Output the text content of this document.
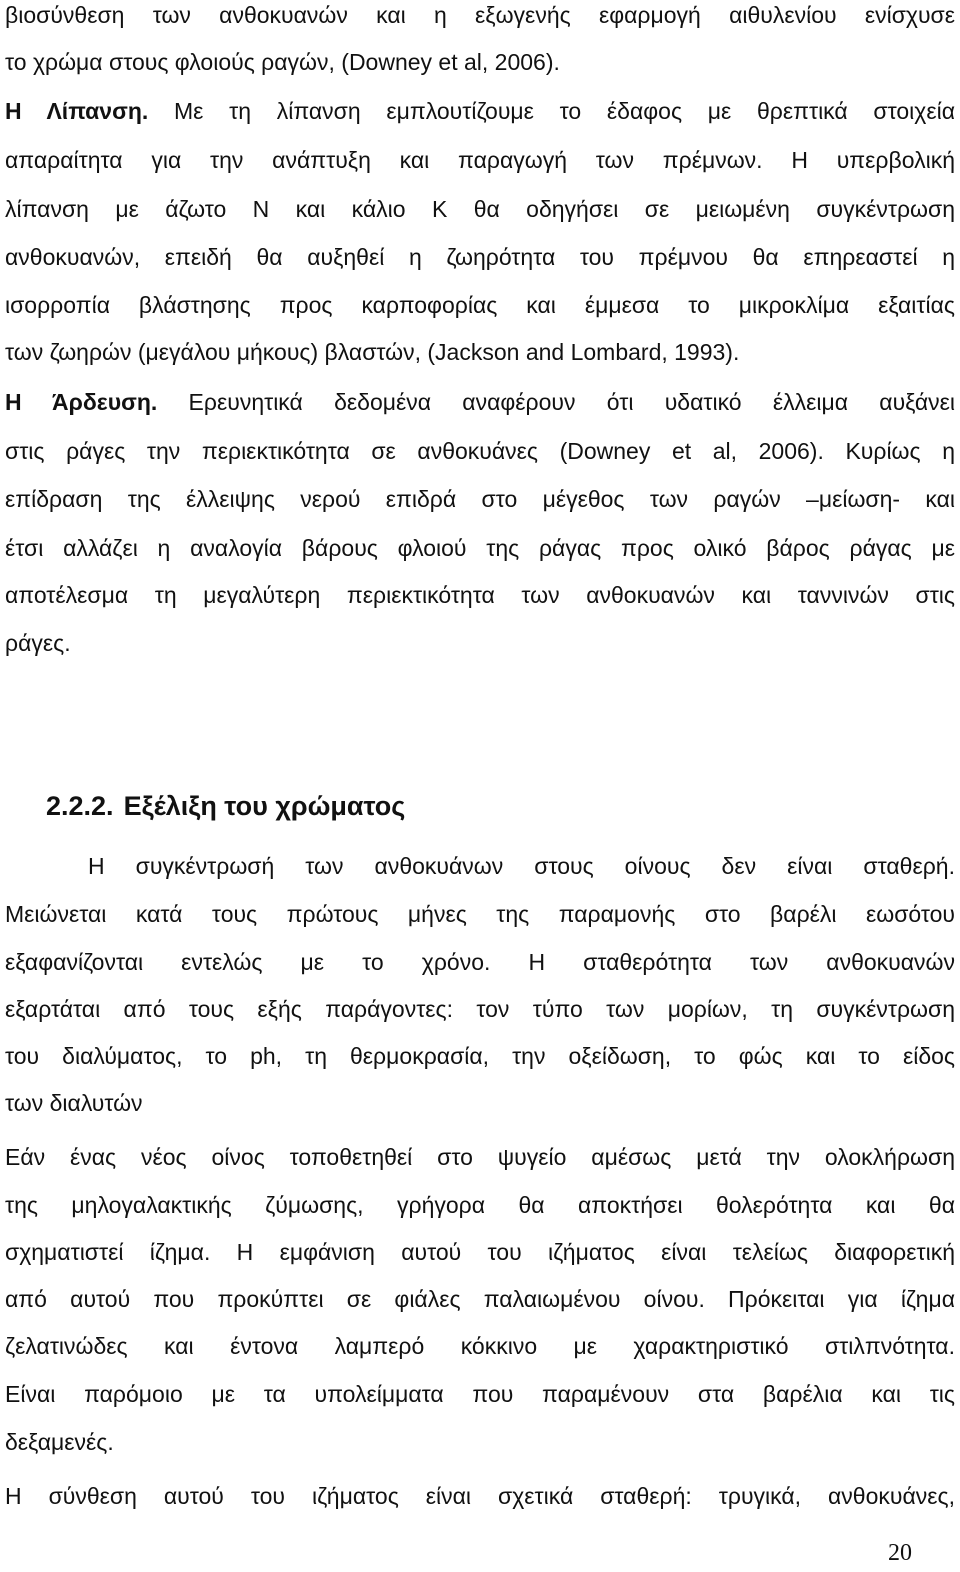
βιοσύνθεση των ανθοκυανών και η εξωγενής εφαρμογή αιθυλενίου ενίσχυσε
το χρώμα στους φλοιούς ραγών, (Downey et al, 2006).
Η Λίπανση. Με τη λίπανση εμπλουτίζουμε το έδαφος με θρεπτικά στοιχεία
απαραίτητα για την ανάπτυξη και παραγωγή των πρέμνων. Η υπερβολική
λίπανση με άζωτο Ν και κάλιο Κ θα οδηγήσει σε μειωμένη συγκέντρωση
ανθοκυανών, επειδή θα αυξηθεί η ζωηρότητα του πρέμνου θα επηρεαστεί η
ισορροπία βλάστησης προς καρποφορίας και έμμεσα το μικροκλίμα εξαιτίας
των ζωηρών (μεγάλου μήκους) βλαστών, (Jackson and Lombard, 1993).
Η Άρδευση. Ερευνητικά δεδομένα αναφέρουν ότι υδατικό έλλειμα αυξάνει
στις ράγες την περιεκτικότητα σε ανθοκυάνες (Downey et al, 2006). Κυρίως η
επίδραση της έλλειψης νερού επιδρά στο μέγεθος των ραγών –μείωση- και
έτσι αλλάζει η αναλογία βάρους φλοιού της ράγας προς ολικό βάρος ράγας με
αποτέλεσμα τη μεγαλύτερη περιεκτικότητα των ανθοκυανών και ταννινών στις
ράγες.
2.2.2. Εξέλιξη του χρώματος
Η συγκέντρωσή των ανθοκυάνων στους οίνους δεν είναι σταθερή.
Μειώνεται κατά τους πρώτους μήνες της παραμονής στο βαρέλι εωσότου
εξαφανίζονται εντελώς με το χρόνο. Η σταθερότητα των ανθοκυανών
εξαρτάται από τους εξής παράγοντες: τον τύπο των μορίων, τη συγκέντρωση
του διαλύματος, το ph, τη θερμοκρασία, την οξείδωση, το φώς και το είδος
των διαλυτών
Εάν ένας νέος οίνος τοποθετηθεί στο ψυγείο αμέσως μετά την ολοκλήρωση
της μηλογαλακτικής ζύμωσης, γρήγορα θα αποκτήσει θολερότητα και θα
σχηματιστεί ίζημα. Η εμφάνιση αυτού του ιζήματος είναι τελείως διαφορετική
από αυτού που προκύπτει σε φιάλες παλαιωμένου οίνου. Πρόκειται για ίζημα
ζελατινώδες και έντονα λαμπερό κόκκινο με χαρακτηριστικό στιλπνότητα.
Είναι παρόμοιο με τα υπολείμματα που παραμένουν στα βαρέλια και τις
δεξαμενές.
Η σύνθεση αυτού του ιζήματος είναι σχετικά σταθερή: τρυγικά, ανθοκυάνες,
20
